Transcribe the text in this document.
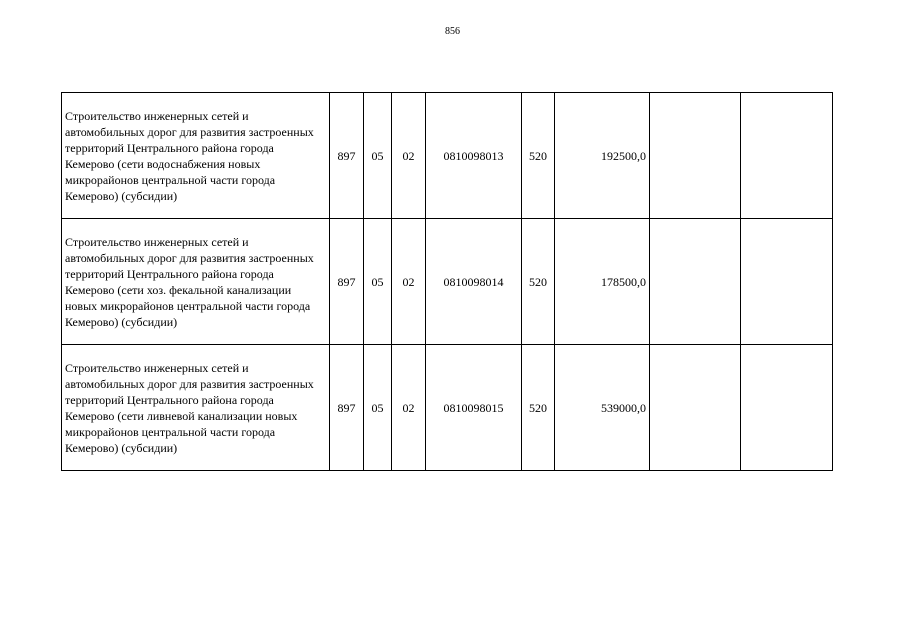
856
Строительство инженерных сетей и автомобильных дорог для развития застроенных территорий Центрального района города Кемерово (сети водоснабжения новых микрорайонов центральной части города Кемерово) (субсидии)	897	05	02	0810098013	520	192500,0		
Строительство инженерных сетей и автомобильных дорог для развития застроенных территорий Центрального района города Кемерово (сети хоз. фекальной канализации новых микрорайонов центральной части города Кемерово) (субсидии)	897	05	02	0810098014	520	178500,0		
Строительство инженерных сетей и автомобильных дорог для развития застроенных территорий Центрального района города Кемерово (сети ливневой канализации новых микрорайонов центральной части города Кемерово) (субсидии)	897	05	02	0810098015	520	539000,0		
